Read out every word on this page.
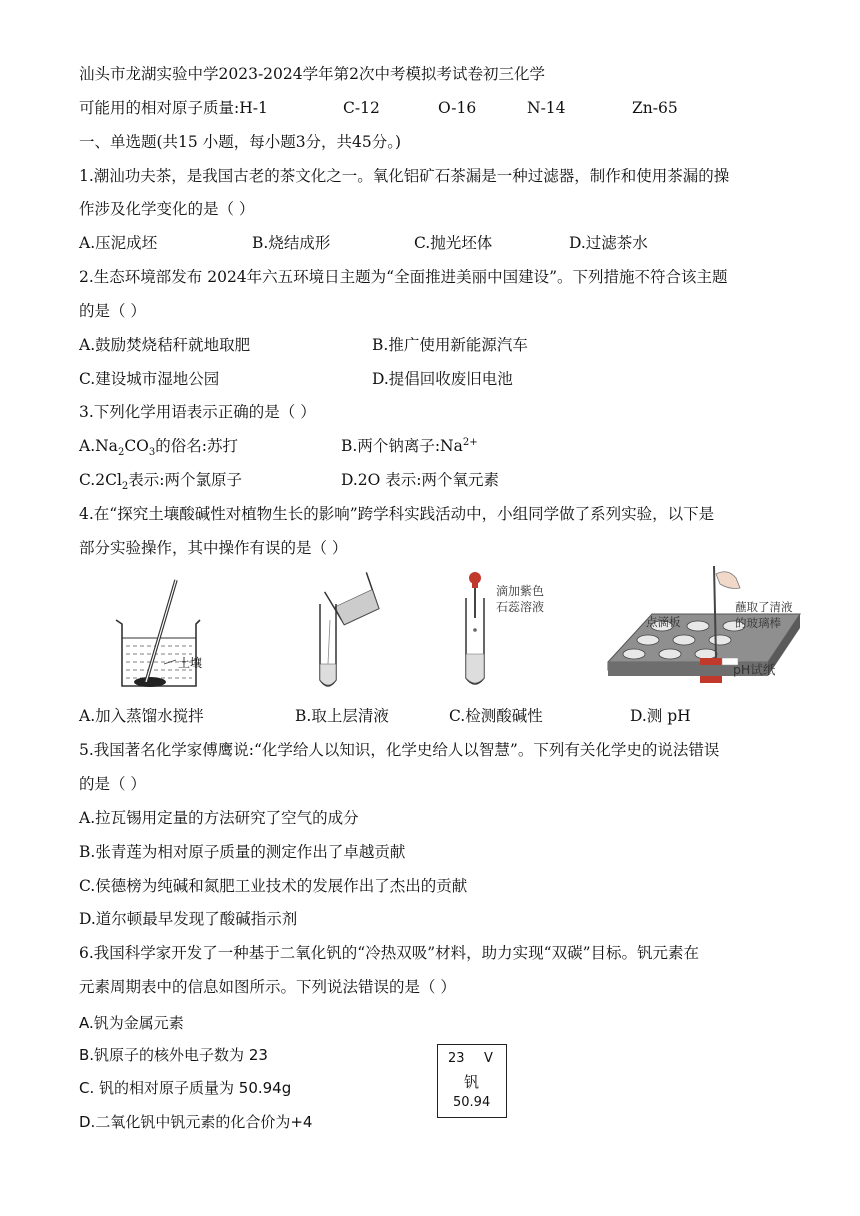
汕头市龙湖实验中学2023-2024学年第2次中考模拟考试卷初三化学
可能用的相对原子质量:H-1	C-12	O-16	N-14	Zn-65
一、单选题(共15 小题，每小题3分，共45分。)
1.潮汕功夫茶，是我国古老的茶文化之一。氧化铝矿石茶漏是一种过滤器，制作和使用茶漏的操
作涉及化学变化的是（ ）
A.压泥成坯	B.烧结成形	C.抛光坯体	D.过滤茶水
2.生态环境部发布 2024年六五环境日主题为“全面推进美丽中国建设”。下列措施不符合该主题
的是（ ）
A.鼓励焚烧秸秆就地取肥	B.推广使用新能源汽车
C.建设城市湿地公园	D.提倡回收废旧电池
3.下列化学用语表示正确的是（ ）
$A.Na_2CO_3$的俗名:苏打	B.两个钠离子$:Na^{2+}$
$C.2Cl_2$表示:两个氯原子	D.2O 表示:两个氧元素
4.在“探究土壤酸碱性对植物生长的影响”跨学科实践活动中，小组同学做了系列实验，以下是
部分实验操作，其中操作有误的是（ ）
土壤
滴加紫色
石蕊溶液
点滴板
蘸取了清液
的玻璃棒
pH试纸
A.加入蒸馏水搅拌	B.取上层清液	C.检测酸碱性	D.测 pH
5.我国著名化学家傅鹰说:“化学给人以知识，化学史给人以智慧”。下列有关化学史的说法错误
的是（ ）
A.拉瓦锡用定量的方法研究了空气的成分
B.张青莲为相对原子质量的测定作出了卓越贡献
C.侯德榜为纯碱和氮肥工业技术的发展作出了杰出的贡献
D.道尔顿最早发现了酸碱指示剂
6.我国科学家开发了一种基于二氧化钒的“冷热双吸”材料，助力实现“双碳”目标。钒元素在
元素周期表中的信息如图所示。下列说法错误的是（ ）
A.钒为金属元素
B.钒原子的核外电子数为 23
C. 钒的相对原子质量为 50.94g
D.二氧化钒中钒元素的化合价为+4
23 V
钒
50.94
